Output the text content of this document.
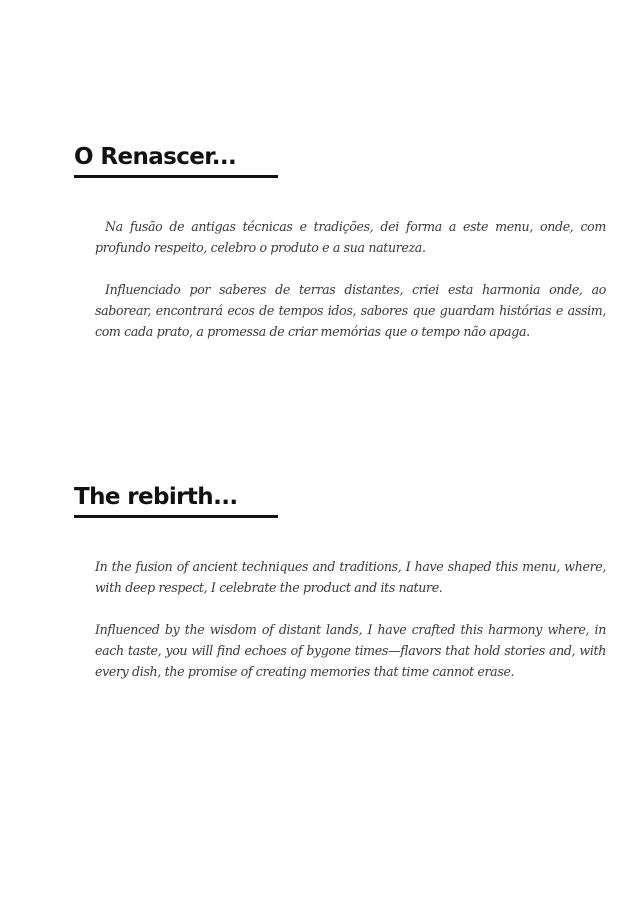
O Renascer...

Na fusão de antigas técnicas e tradições, dei forma a este menu, onde, com profundo respeito, celebro o produto e a sua natureza.

Influenciado por saberes de terras distantes, criei esta harmonia onde, ao saborear, encontrará ecos de tempos idos, sabores que guardam histórias e assim, com cada prato, a promessa de criar memórias que o tempo não apaga.

The rebirth...

In the fusion of ancient techniques and traditions, I have shaped this menu, where, with deep respect, I celebrate the product and its nature.

Influenced by the wisdom of distant lands, I have crafted this harmony where, in each taste, you will find echoes of bygone times—flavors that hold stories and, with every dish, the promise of creating memories that time cannot erase.
